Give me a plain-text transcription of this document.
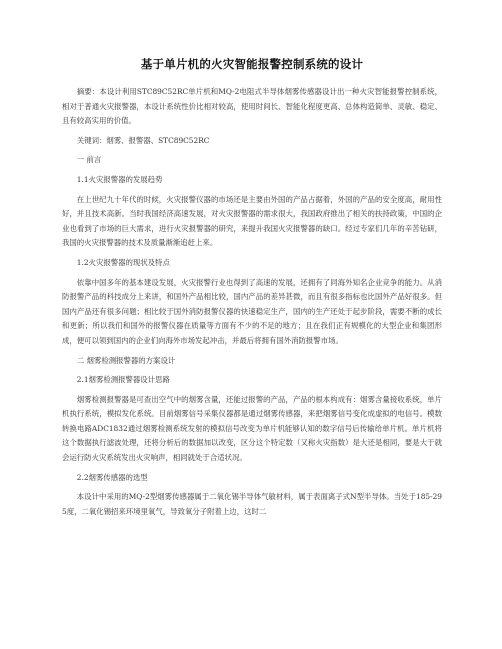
基于单片机的火灾智能报警控制系统的设计

摘要：本设计利用STC89C52RC单片机和MQ-2电阻式半导体烟雾传感器设计出一种火灾智能报警控制系统，相对于普通火灾报警器，本设计系统性价比相对较高，使用时间长、智能化程度更高、总体构造简单、灵敏、稳定、且有较高实用的价值。

关键词：烟雾、报警器、STC89C52RC

一 前言

1.1火灾报警器的发展趋势

在上世纪九十年代的时候，火灾报警仪器的市场还是主要由外国的产品占据着，外国的产品的安全度高，耐用性好，并且技术高新。当时我国经济高速发展，对火灾报警器的需求很大，我国政府推出了相关的扶持政策，中国的企业也看到了市场的巨大需求，进行火灾报警器的研究，来提升我国火灾报警器的缺口。经过专家们几年的辛苦钻研，我国的火灾报警器的技术及质量渐渐追赶上来。

1.2火灾报警器的现状及特点

依靠中国多年的基本建设发展，火灾报警行业也得到了高速的发展，还拥有了同海外知名企业竞争的能力。从消防报警产品的科技成分上来讲，和国外产品相比较，国内产品的差异甚微，而且有很多指标也比国外产品好很多。但国内产品还有很多问题；相比较于国外消防报警仪器的快速稳定生产，国内的生产还处于起步阶段，需要不断的成长和更新；所以我们和国外的报警仪器在质量等方面有不少的不足的地方；且在我们正有规模化的大型企业和集团形成，便可以领到国内的企业们向海外市场发起冲击，并最后将拥有国外消防报警市场。

二 烟雾检测报警器的方案设计

2.1烟雾检测报警器设计思路

烟雾检测报警器是可查出空气中的烟雾含量，还能过报警的产品，产品的根本构成有：烟雾含量接收系统，单片机执行系统，模拟发化系统。目前烟雾信号采集仪器都是通过烟雾传感器，来把烟雾信号变化成虚拟的电信号。模数转换电路ADC1832通过烟雾检测系统发射的模拟信号改变为单片机能够认知的数字信号后传输给单片机。单片机将这个数据执行滤波处理，还将分析后的数据加以改变，区分这个特定数（又称火灾指数）是大还是相同，要是大于就会运行防火灾系统发出火灾响声，相同就处于合适状况。

2.2烟雾传感器的选型

本设计中采用的MQ-2型烟雾传感器属于二氧化锡半导体气敏材料，属于表面离子式N型半导体。当处于185-295度，二氧化锡招来环境里氧气，导致氧分子附着上边，这时二
